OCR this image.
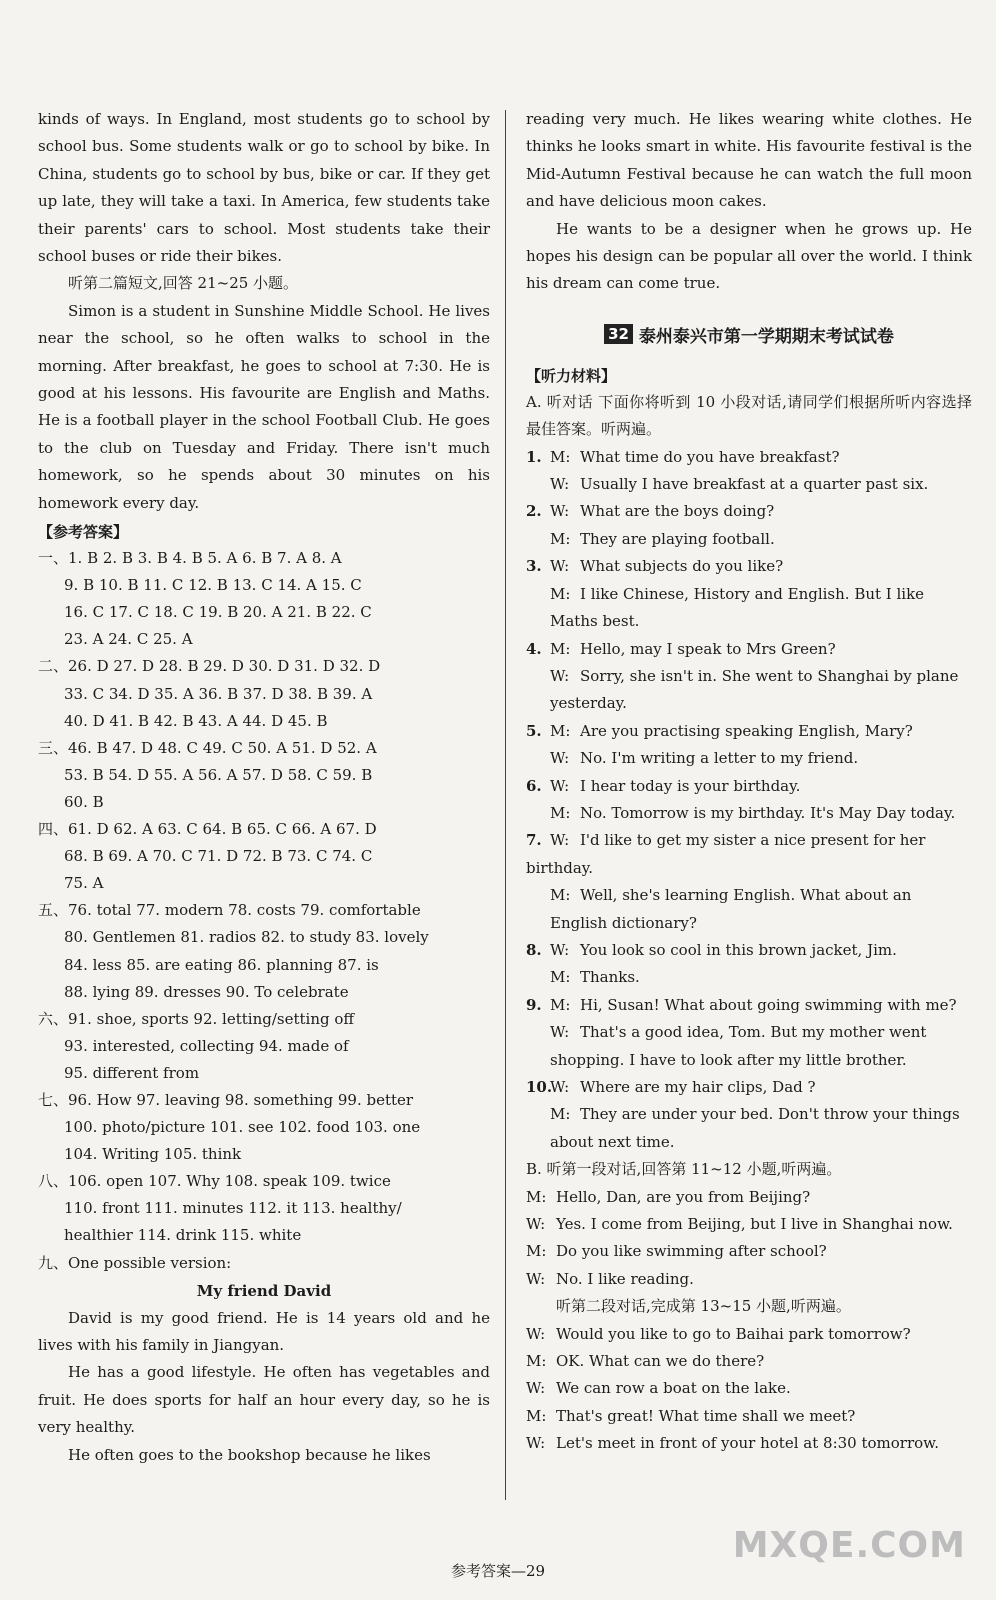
kinds of ways. In England, most students go to school by school bus. Some students walk or go to school by bike. In China, students go to school by bus, bike or car. If they get up late, they will take a taxi. In America, few students take their parents' cars to school. Most students take their school buses or ride their bikes.

听第二篇短文,回答 21~25 小题。

Simon is a student in Sunshine Middle School. He lives near the school, so he often walks to school in the morning. After breakfast, he goes to school at 7:30. He is good at his lessons. His favourite are English and Maths. He is a football player in the school Football Club. He goes to the club on Tuesday and Friday. There isn't much homework, so he spends about 30 minutes on his homework every day.

【参考答案】

一、1. B 2. B 3. B 4. B 5. A 6. B 7. A 8. A

9. B 10. B 11. C 12. B 13. C 14. A 15. C

16. C 17. C 18. C 19. B 20. A 21. B 22. C

23. A 24. C 25. A

二、26. D 27. D 28. B 29. D 30. D 31. D 32. D

33. C 34. D 35. A 36. B 37. D 38. B 39. A

40. D 41. B 42. B 43. A 44. D 45. B

三、46. B 47. D 48. C 49. C 50. A 51. D 52. A

53. B 54. D 55. A 56. A 57. D 58. C 59. B

60. B

四、61. D 62. A 63. C 64. B 65. C 66. A 67. D

68. B 69. A 70. C 71. D 72. B 73. C 74. C

75. A

五、76. total 77. modern 78. costs 79. comfortable

80. Gentlemen 81. radios 82. to study 83. lovely

84. less 85. are eating 86. planning 87. is

88. lying 89. dresses 90. To celebrate

六、91. shoe, sports 92. letting/setting off

93. interested, collecting 94. made of

95. different from

七、96. How 97. leaving 98. something 99. better

100. photo/picture 101. see 102. food 103. one

104. Writing 105. think

八、106. open 107. Why 108. speak 109. twice

110. front 111. minutes 112. it 113. healthy/

healthier 114. drink 115. white

九、One possible version:

My friend David

David is my good friend. He is 14 years old and he lives with his family in Jiangyan.

He has a good lifestyle. He often has vegetables and fruit. He does sports for half an hour every day, so he is very healthy.

He often goes to the bookshop because he likes

reading very much. He likes wearing white clothes. He thinks he looks smart in white. His favourite festival is the Mid-Autumn Festival because he can watch the full moon and have delicious moon cakes.

He wants to be a designer when he grows up. He hopes his design can be popular all over the world. I think his dream can come true.

32 泰州泰兴市第一学期期末考试试卷

【听力材料】

A. 听对话 下面你将听到 10 小段对话,请同学们根据所听内容选择最佳答案。听两遍。

1. M: What time do you have breakfast?

W: Usually I have breakfast at a quarter past six.

2. W: What are the boys doing?

M: They are playing football.

3. W: What subjects do you like?

M: I like Chinese, History and English. But I like Maths best.

4. M: Hello, may I speak to Mrs Green?

W: Sorry, she isn't in. She went to Shanghai by plane yesterday.

5. M: Are you practising speaking English, Mary?

W: No. I'm writing a letter to my friend.

6. W: I hear today is your birthday.

M: No. Tomorrow is my birthday. It's May Day today.

7. W: I'd like to get my sister a nice present for her birthday.

M: Well, she's learning English. What about an English dictionary?

8. W: You look so cool in this brown jacket, Jim.

M: Thanks.

9. M: Hi, Susan! What about going swimming with me?

W: That's a good idea, Tom. But my mother went shopping. I have to look after my little brother.

10.W: Where are my hair clips, Dad ?

M: They are under your bed. Don't throw your things about next time.

B. 听第一段对话,回答第 11~12 小题,听两遍。

M: Hello, Dan, are you from Beijing?

W: Yes. I come from Beijing, but I live in Shanghai now.

M: Do you like swimming after school?

W: No. I like reading.

听第二段对话,完成第 13~15 小题,听两遍。

W: Would you like to go to Baihai park tomorrow?

M: OK. What can we do there?

W: We can row a boat on the lake.

M: That's great! What time shall we meet?

W: Let's meet in front of your hotel at 8:30 tomorrow.

参考答案—29
MXQE.COM
